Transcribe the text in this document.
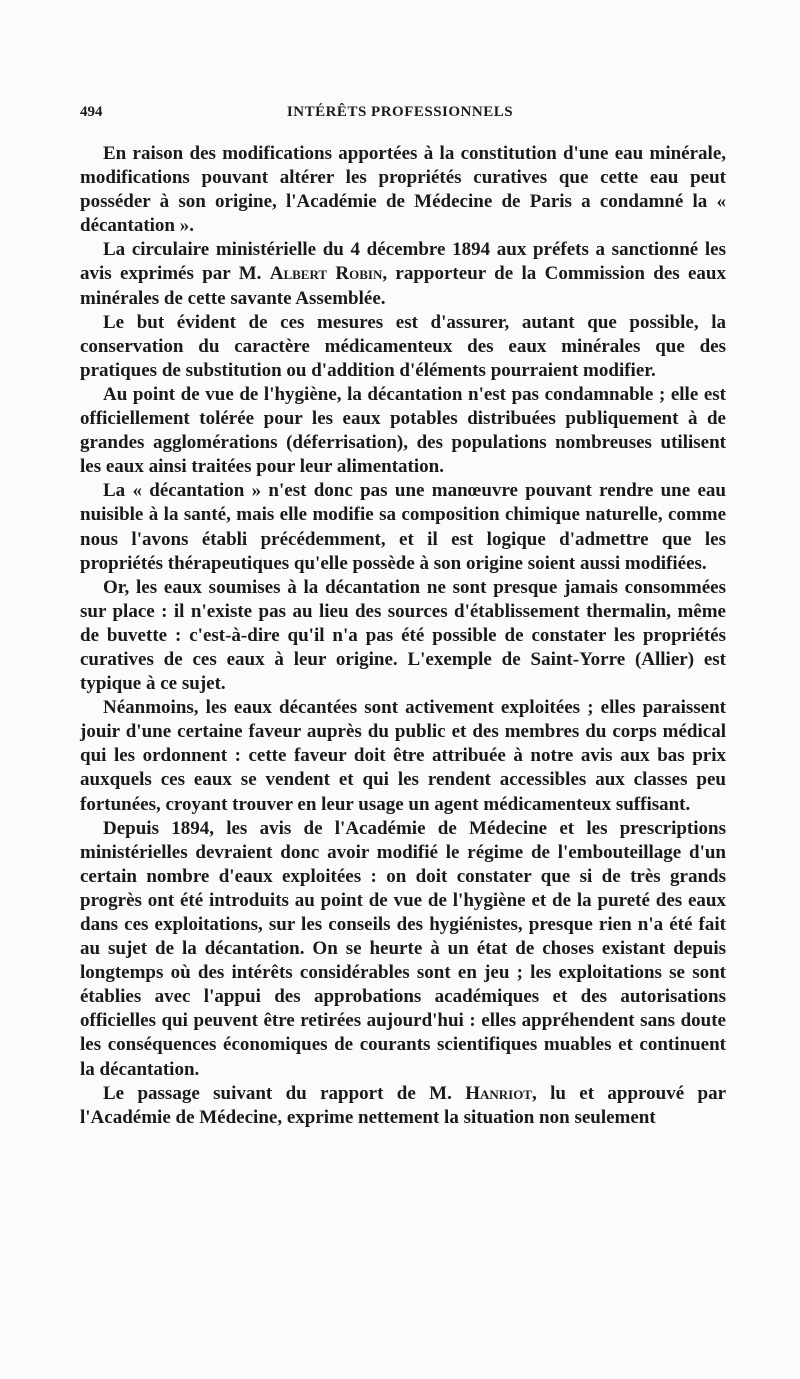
494	INTÉRÊTS PROFESSIONNELS

En raison des modifications apportées à la constitution d'une eau minérale, modifications pouvant altérer les propriétés curatives que cette eau peut posséder à son origine, l'Académie de Médecine de Paris a condamné la « décantation ».

La circulaire ministérielle du 4 décembre 1894 aux préfets a sanctionné les avis exprimés par M. Albert Robin, rapporteur de la Commission des eaux minérales de cette savante Assemblée.

Le but évident de ces mesures est d'assurer, autant que possible, la conservation du caractère médicamenteux des eaux minérales que des pratiques de substitution ou d'addition d'éléments pourraient modifier.

Au point de vue de l'hygiène, la décantation n'est pas condamnable ; elle est officiellement tolérée pour les eaux potables distribuées publiquement à de grandes agglomérations (déferrisation), des populations nombreuses utilisent les eaux ainsi traitées pour leur alimentation.

La « décantation » n'est donc pas une manœuvre pouvant rendre une eau nuisible à la santé, mais elle modifie sa composition chimique naturelle, comme nous l'avons établi précédemment, et il est logique d'admettre que les propriétés thérapeutiques qu'elle possède à son origine soient aussi modifiées.

Or, les eaux soumises à la décantation ne sont presque jamais consommées sur place : il n'existe pas au lieu des sources d'établissement thermalin, même de buvette : c'est-à-dire qu'il n'a pas été possible de constater les propriétés curatives de ces eaux à leur origine. L'exemple de Saint-Yorre (Allier) est typique à ce sujet.

Néanmoins, les eaux décantées sont activement exploitées ; elles paraissent jouir d'une certaine faveur auprès du public et des membres du corps médical qui les ordonnent : cette faveur doit être attribuée à notre avis aux bas prix auxquels ces eaux se vendent et qui les rendent accessibles aux classes peu fortunées, croyant trouver en leur usage un agent médicamenteux suffisant.

Depuis 1894, les avis de l'Académie de Médecine et les prescriptions ministérielles devraient donc avoir modifié le régime de l'embouteillage d'un certain nombre d'eaux exploitées : on doit constater que si de très grands progrès ont été introduits au point de vue de l'hygiène et de la pureté des eaux dans ces exploitations, sur les conseils des hygiénistes, presque rien n'a été fait au sujet de la décantation. On se heurte à un état de choses existant depuis longtemps où des intérêts considérables sont en jeu ; les exploitations se sont établies avec l'appui des approbations académiques et des autorisations officielles qui peuvent être retirées aujourd'hui : elles appréhendent sans doute les conséquences économiques de courants scientifiques muables et continuent la décantation.

Le passage suivant du rapport de M. Hanriot, lu et approuvé par l'Académie de Médecine, exprime nettement la situation non seulement
